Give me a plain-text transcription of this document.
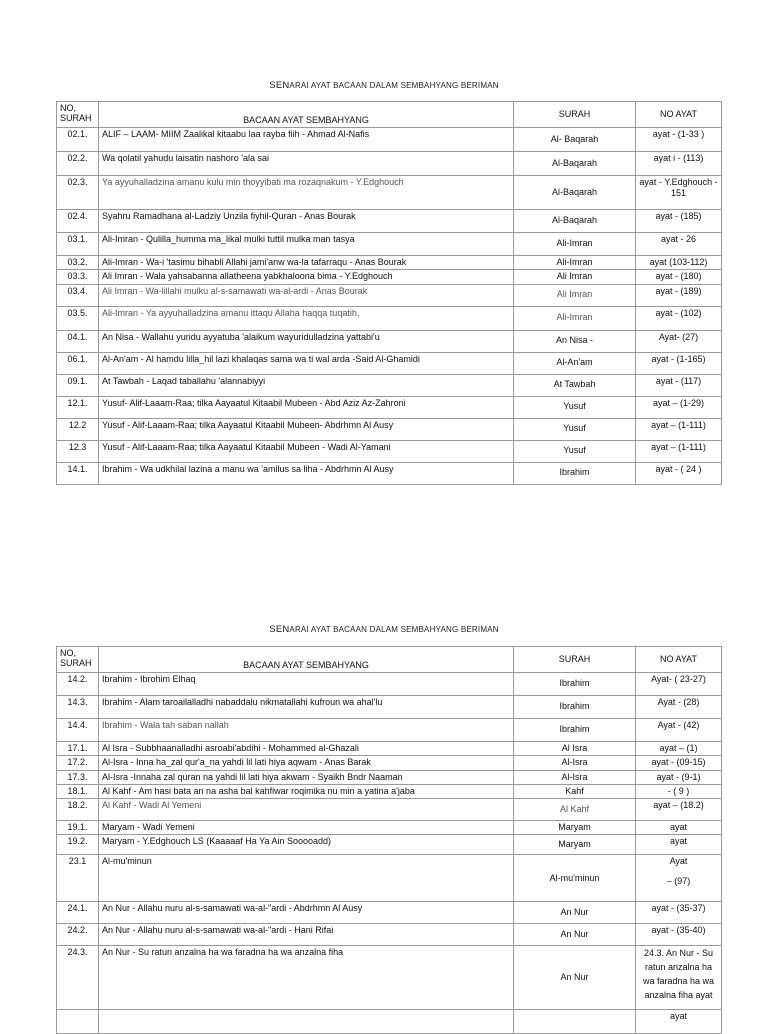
SENARAI AYAT BACAAN DALAM SEMBAHYANG BERIMAN
NO,
SURAH	BACAAN AYAT SEMBAHYANG	SURAH	NO AYAT
02.1.	ALIF – LAAM- MIIM Zaalikal kitaabu laa rayba fiih - Ahmad Al-Nafis	Al- Baqarah	ayat - (1-33 )
02.2.	Wa qolatil yahudu laisatin nashoro 'ala sai	Al-Baqarah	ayat i - (113)
02.3.	Ya ayyuhalladzina amanu kulu min thoyyibati ma rozaqnakum - Y.Edghouch	Al-Baqarah	ayat - Y.Edghouch - 151
02.4.	Syahru Ramadhana al-Ladziy Unzila fiyhil-Quran - Anas Bourak	Al-Baqarah	ayat - (185)
03.1.	Ali-Imran - Qulilla_humma ma_likal mulki tuttil mulka man tasya	Ali-Imran	ayat - 26
03.2.	Ali-Imran - Wa-i 'tasimu bihabli Allahi jami'anw wa-la tafarraqu - Anas Bourak	Ali-Imran	ayat (103-112)
03.3.	Ali Imran - Wala yahsabanna allatheena yabkhaloona bima - Y.Edghouch	Ali Imran	ayat - (180)
03.4.	Ali Imran - Wa-lillahi mulku al-s-samawati wa-al-ardi - Anas Bourak	Ali Imran	ayat - (189)
03.5.	Ali-Imran - Ya ayyuhalladzina amanu ittaqu Allaha haqqa tuqatih,	Ali-Imran	ayat - (102)
04.1.	An Nisa - Wallahu yuridu ayyatuba 'alaikum wayuridulladzina yattabi'u	An Nisa -	Ayat- (27)
06.1.	Al-An'am - Al hamdu lilla_hil lazi khalaqas sama wa ti wal arda -Said Al-Ghamidi	Al-An'am	ayat - (1-165)
09.1.	At Tawbah - Laqad taballahu 'alannabiyyi	At Tawbah	ayat - (117)
12.1.	Yusuf- Alif-Laaam-Raa; tilka Aayaatul Kitaabil Mubeen - Abd Aziz Az-Zahroni	Yusuf	ayat – (1-29)
12.2	Yusuf - Alif-Laaam-Raa; tilka Aayaatul Kitaabil Mubeen- Abdrhmn Al Ausy	Yusuf	ayat – (1-111)
12.3	Yusuf - Alif-Laaam-Raa; tilka Aayaatul Kitaabil Mubeen - Wadi Al-Yamani	Yusuf	ayat – (1-111)
14.1.	Ibrahim - Wa udkhilal lazina a manu wa 'amilus sa liha - Abdrhmn Al Ausy	Ibrahim	ayat - ( 24 )
SENARAI AYAT BACAAN DALAM SEMBAHYANG BERIMAN
NO,
SURAH	BACAAN AYAT SEMBAHYANG	SURAH	NO AYAT
14.2.	Ibrahim - Ibrohim Elhaq	Ibrahim	Ayat- ( 23-27)
14.3.	Ibrahim - Alam taroailalladhi nabaddalu nikmatallahi kufroun wa ahal'lu	Ibrahim	Ayat - (28)
14.4.	Ibrahim - Wala tah saban nallah	Ibrahim	Ayat - (42)
17.1.	Al Isra - Subbhaanalladhi asroabi'abdihi - Mohammed al-Ghazali	Al Isra	ayat – (1)
17.2.	Al-Isra - Inna ha_zal qur'a_na yahdi lil lati hiya aqwam - Anas Barak	Al-Isra	ayat - (09-15)
17.3.	Al-Isra -Innaha zal quran na yahdi lil lati hiya akwam - Syaikh Bndr Naaman	Al-Isra	ayat - (9-1)
18.1.	Al Kahf - Am hasi bata an na asha bal kahfiwar roqimika nu min a yatina a'jaba	Kahf	- ( 9 )
18.2.	Al Kahf - Wadi Al Yemeni	Al Kahf	ayat – (18.2)
19.1.	Maryam - Wadi Yemeni	Maryam	ayat
19.2.	Maryam - Y.Edghouch LS (Kaaaaaf Ha Ya Ain Sooooadd)	Maryam	ayat
23.1	Al-mu'minun	Al-mu'minun	Ayat
– (97)

24.1.	An Nur - Allahu nuru al-s-samawati wa-al-"ardi - Abdrhmn Al Ausy	An Nur	ayat - (35-37)
24.2.	An Nur - Allahu nuru al-s-samawati wa-al-"ardi - Hani Rifai	An Nur	ayat - (35-40)
24.3.	An Nur - Su ratun anzalna ha wa faradna ha wa anzalna fiha	An Nur	24.3. An Nur - Su ratun anzalna ha wa faradna ha wa anzalna fiha ayat
			ayat
